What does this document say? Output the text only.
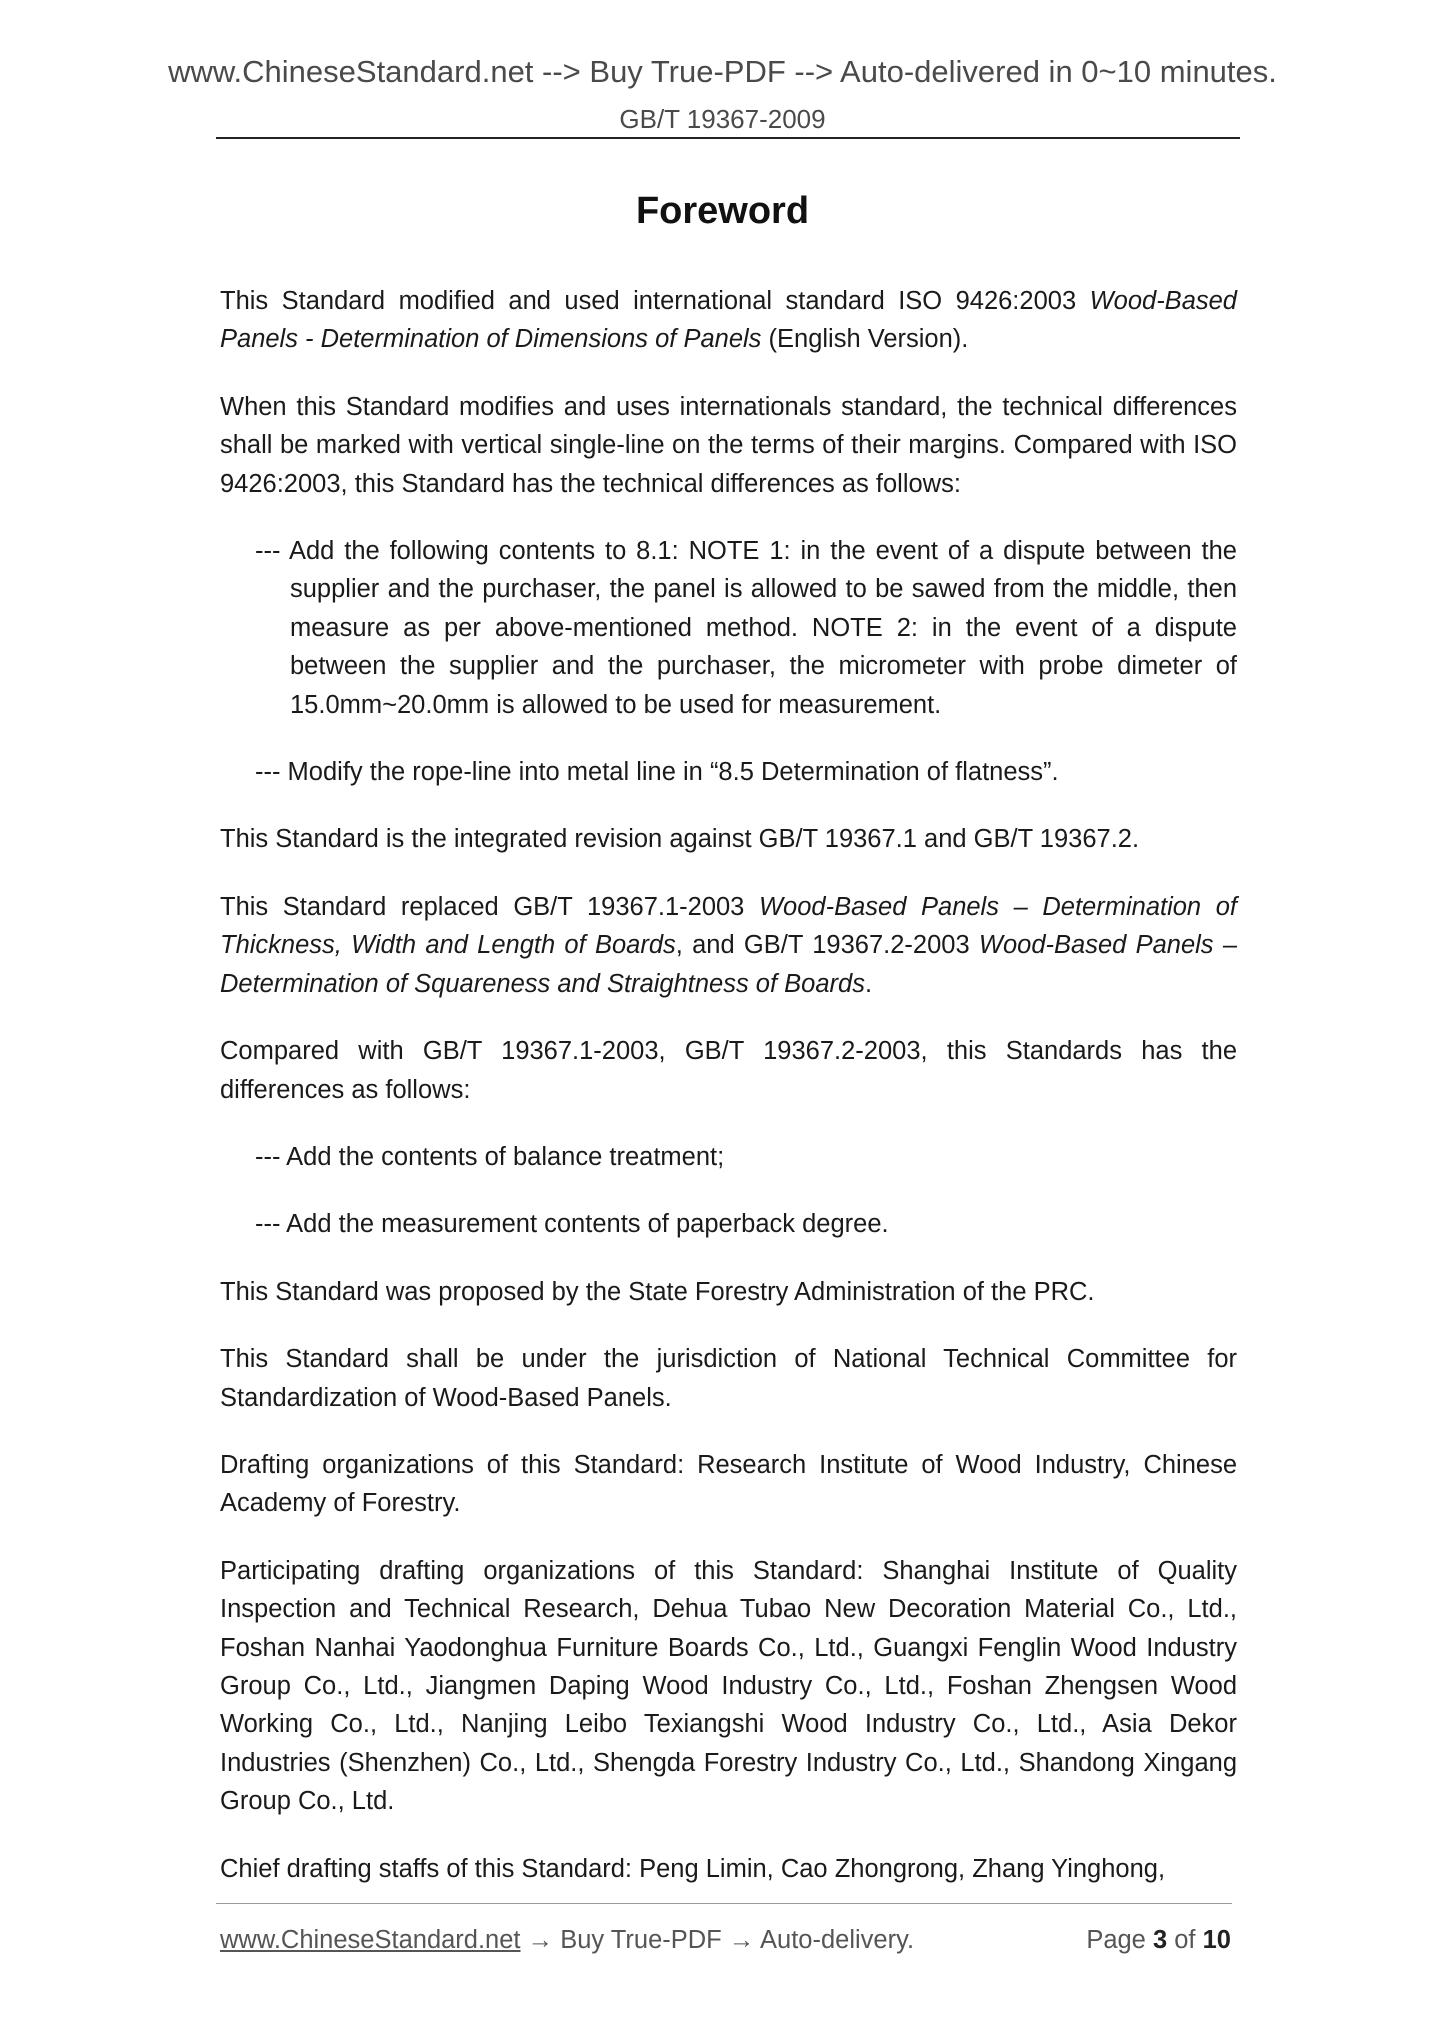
www.ChineseStandard.net --> Buy True-PDF --> Auto-delivered in 0~10 minutes.
GB/T 19367-2009
Foreword

This Standard modified and used international standard ISO 9426:2003 Wood-Based Panels - Determination of Dimensions of Panels (English Version).

When this Standard modifies and uses internationals standard, the technical differences shall be marked with vertical single-line on the terms of their margins. Compared with ISO 9426:2003, this Standard has the technical differences as follows:

--- Add the following contents to 8.1: NOTE 1: in the event of a dispute between the supplier and the purchaser, the panel is allowed to be sawed from the middle, then measure as per above-mentioned method. NOTE 2: in the event of a dispute between the supplier and the purchaser, the micrometer with probe dimeter of 15.0mm~20.0mm is allowed to be used for measurement.

--- Modify the rope-line into metal line in “8.5 Determination of flatness”.

This Standard is the integrated revision against GB/T 19367.1 and GB/T 19367.2.

This Standard replaced GB/T 19367.1-2003 Wood-Based Panels – Determination of Thickness, Width and Length of Boards, and GB/T 19367.2-2003 Wood-Based Panels – Determination of Squareness and Straightness of Boards.

Compared with GB/T 19367.1-2003, GB/T 19367.2-2003, this Standards has the differences as follows:

--- Add the contents of balance treatment;

--- Add the measurement contents of paperback degree.

This Standard was proposed by the State Forestry Administration of the PRC.

This Standard shall be under the jurisdiction of National Technical Committee for Standardization of Wood-Based Panels.

Drafting organizations of this Standard: Research Institute of Wood Industry, Chinese Academy of Forestry.

Participating drafting organizations of this Standard: Shanghai Institute of Quality Inspection and Technical Research, Dehua Tubao New Decoration Material Co., Ltd., Foshan Nanhai Yaodonghua Furniture Boards Co., Ltd., Guangxi Fenglin Wood Industry Group Co., Ltd., Jiangmen Daping Wood Industry Co., Ltd., Foshan Zhengsen Wood Working Co., Ltd., Nanjing Leibo Texiangshi Wood Industry Co., Ltd., Asia Dekor Industries (Shenzhen) Co., Ltd., Shengda Forestry Industry Co., Ltd., Shandong Xingang Group Co., Ltd.

Chief drafting staffs of this Standard: Peng Limin, Cao Zhongrong, Zhang Yinghong,

www.ChineseStandard.net → Buy True-PDF → Auto-delivery.	Page 3 of 10
